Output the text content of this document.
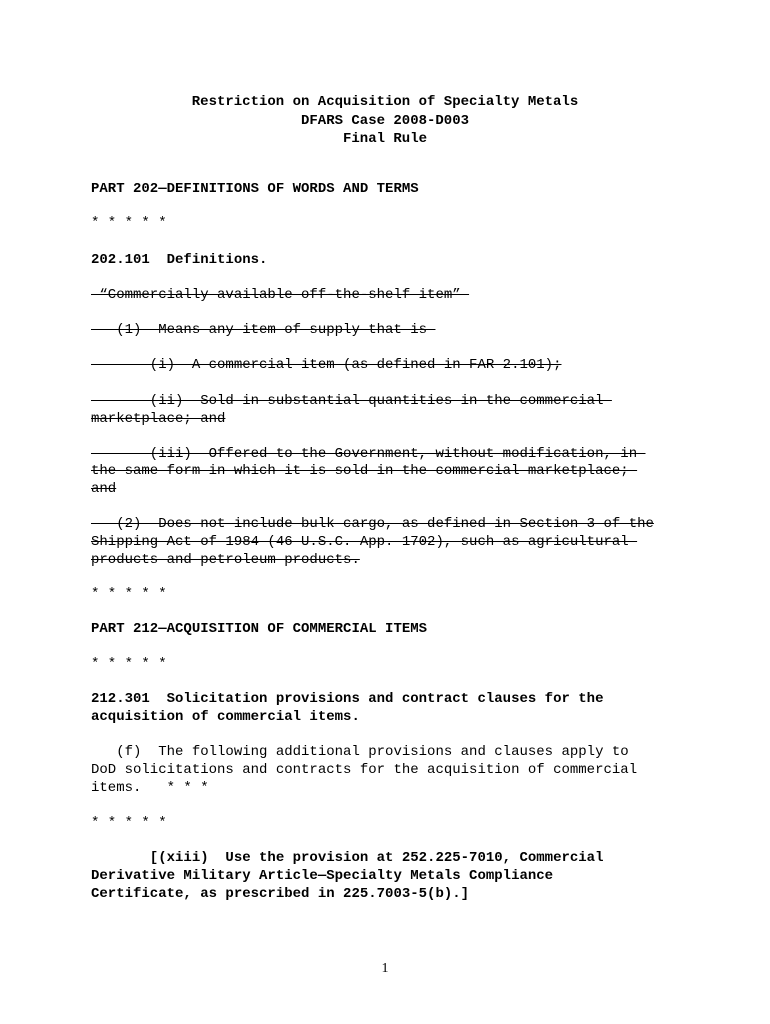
Restriction on Acquisition of Specialty Metals
DFARS Case 2008-D003
Final Rule
PART 202—DEFINITIONS OF WORDS AND TERMS
* * * * *
202.101  Definitions.
“Commercially available off-the-shelf item”
(1)  Means any item of supply that is
(i)  A commercial item (as defined in FAR 2.101);
(ii)  Sold in substantial quantities in the commercial
marketplace; and
(iii)  Offered to the Government, without modification, in
the same form in which it is sold in the commercial marketplace;
and
(2)  Does not include bulk cargo, as defined in Section 3 of the
Shipping Act of 1984 (46 U.S.C. App. 1702), such as agricultural
products and petroleum products.
* * * * *
PART 212—ACQUISITION OF COMMERCIAL ITEMS
* * * * *
212.301  Solicitation provisions and contract clauses for the
acquisition of commercial items.
(f)  The following additional provisions and clauses apply to
DoD solicitations and contracts for the acquisition of commercial
items.   * * *
* * * * *
[(xiii)  Use the provision at 252.225-7010, Commercial
Derivative Military Article—Specialty Metals Compliance
Certificate, as prescribed in 225.7003-5(b).]
1
